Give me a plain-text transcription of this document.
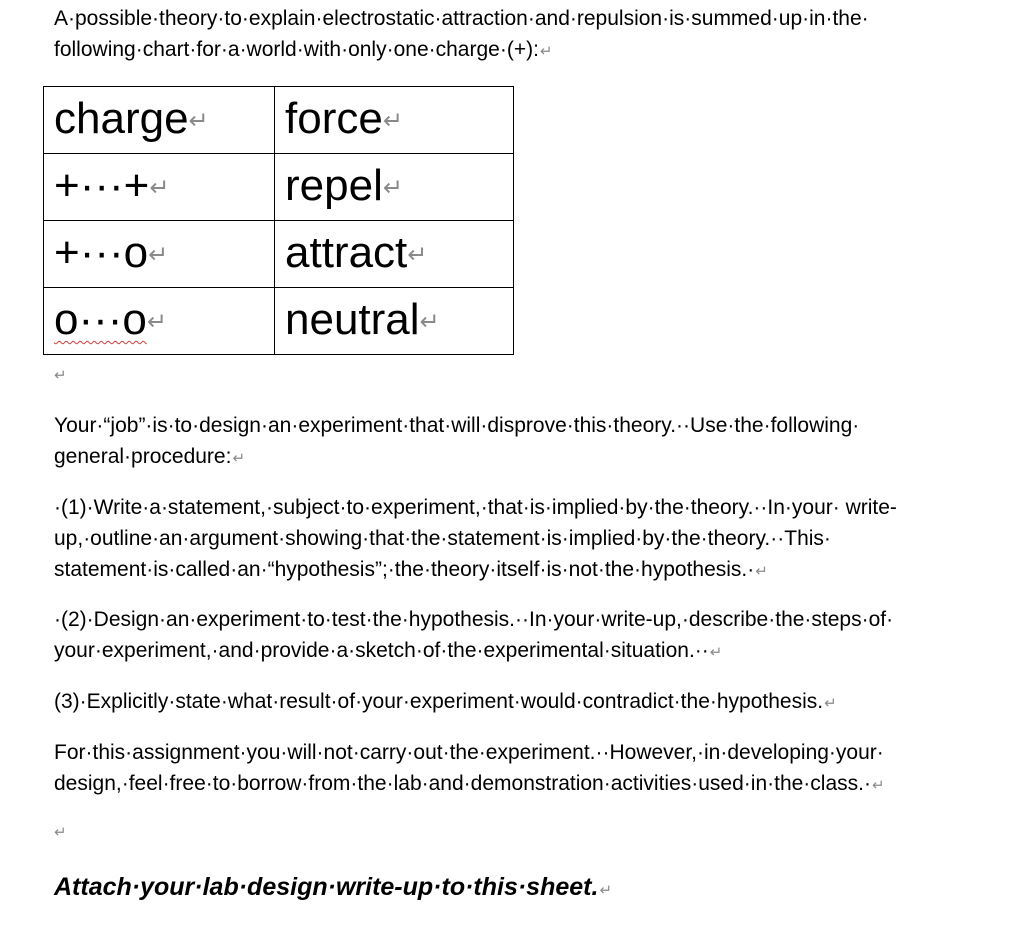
A·possible·theory·to·explain·electrostatic·attraction·and·repulsion·is·summed·up·in·the· following·chart·for·a·world·with·only·one·charge·(+):↵

charge↵	force↵
+···+↵	repel↵
+···o↵	attract↵
o···o↵	neutral↵
↵

Your·“job”·is·to·design·an·experiment·that·will·disprove·this·theory.··Use·the·following· general·procedure:↵

·(1)·Write·a·statement,·subject·to·experiment,·that·is·implied·by·the·theory.··In·your· write-up,·outline·an·argument·showing·that·the·statement·is·implied·by·the·theory.··This· statement·is·called·an·“hypothesis”;·the·theory·itself·is·not·the·hypothesis.·↵

·(2)·Design·an·experiment·to·test·the·hypothesis.··In·your·write-up,·describe·the·steps·of· your·experiment,·and·provide·a·sketch·of·the·experimental·situation.··↵

(3)·Explicitly·state·what·result·of·your·experiment·would·contradict·the·hypothesis.↵

For·this·assignment·you·will·not·carry·out·the·experiment.··However,·in·developing·your· design,·feel·free·to·borrow·from·the·lab·and·demonstration·activities·used·in·the·class.·↵

↵

Attach·your·lab·design·write-up·to·this·sheet.↵
